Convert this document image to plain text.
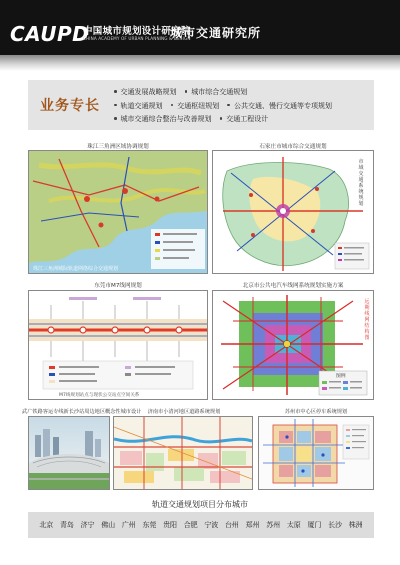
CAUPD
中国城市规划设计研究院
CHINA ACADEMY OF URBAN PLANNING & DESIGN
城市交通研究所
业务专长
交通发展战略规划 城市综合交通规划
轨道交通规划 交通枢纽规划 公共交通、慢行交通等专项规划
城市交通综合整治与改善规划 交通工程设计
珠江三角洲区域协调规划	石家庄市城市综合交通规划
珠江三角洲城际轨道网络综合交通规划
市域交通系统规划
东莞市M7线网规划	北京市公共电汽车线网系统规划实施方案
M7线规划站点与现状公交站点空间关系
图例
远期线网结构图
武广铁路客运专线新长沙站周边地区概念性城市设计	济南市小清河地区道路系统规划	苏州市中心区停车系统规划
轨道交通规划项目分布城市
北京 青岛 济宁 佛山 广州 东莞 贵阳 合肥 宁波 台州 郑州 苏州 太原 厦门 长沙 株洲
